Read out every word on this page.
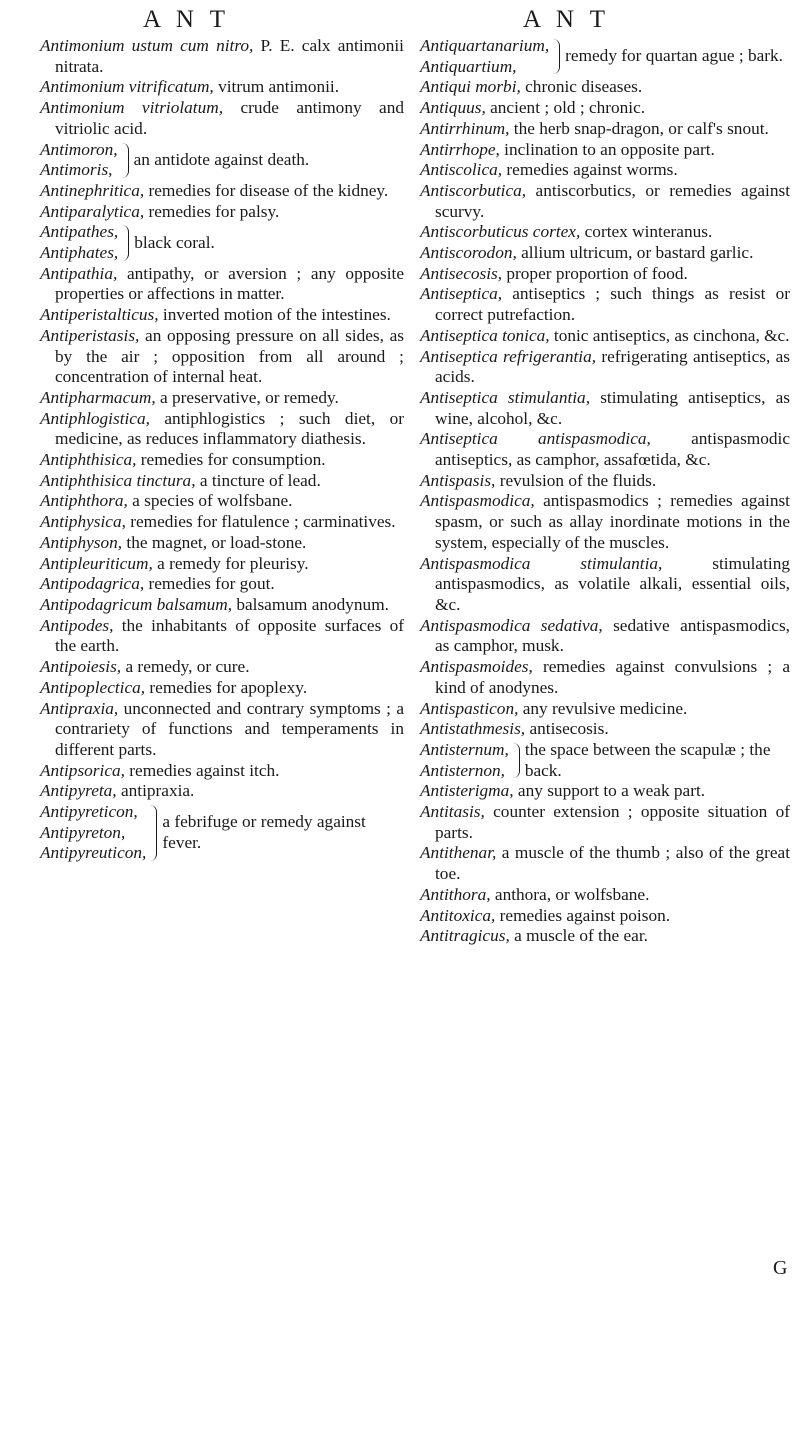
A N T	A N T
Antimonium ustum cum nitro, P. E. calx antimonii nitrata.
Antimonium vitrificatum, vitrum antimonii.
Antimonium vitriolatum, crude antimony and vitriolic acid.
Antimoron,
Antimoris,
an antidote against death.
Antinephritica, remedies for disease of the kidney.
Antiparalytica, remedies for palsy.
Antipathes,
Antiphates,
black coral.
Antipathia, antipathy, or aversion ; any opposite properties or affections in matter.
Antiperistalticus, inverted motion of the intestines.
Antiperistasis, an opposing pressure on all sides, as by the air ; opposition from all around ; concentration of internal heat.
Antipharmacum, a preservative, or remedy.
Antiphlogistica, antiphlogistics ; such diet, or medicine, as reduces inflammatory diathesis.
Antiphthisica, remedies for consumption.
Antiphthisica tinctura, a tincture of lead.
Antiphthora, a species of wolfsbane.
Antiphysica, remedies for flatulence ; carminatives.
Antiphyson, the magnet, or load-stone.
Antipleuriticum, a remedy for pleurisy.
Antipodagrica, remedies for gout.
Antipodagricum balsamum, balsamum anodynum.
Antipodes, the inhabitants of opposite surfaces of the earth.
Antipoiesis, a remedy, or cure.
Antipoplectica, remedies for apoplexy.
Antipraxia, unconnected and contrary symptoms ; a contrariety of functions and temperaments in different parts.
Antipsorica, remedies against itch.
Antipyreta, antipraxia.
Antipyreticon,
Antipyreton,
Antipyreuticon,
a febrifuge or remedy against fever.
Antiquartanarium,
Antiquartium,
remedy for quartan ague ; bark.
Antiqui morbi, chronic diseases.
Antiquus, ancient ; old ; chronic.
Antirrhinum, the herb snap-dragon, or calf's snout.
Antirrhope, inclination to an opposite part.
Antiscolica, remedies against worms.
Antiscorbutica, antiscorbutics, or remedies against scurvy.
Antiscorbuticus cortex, cortex winteranus.
Antiscorodon, allium ultricum, or bastard garlic.
Antisecosis, proper proportion of food.
Antiseptica, antiseptics ; such things as resist or correct putrefaction.
Antiseptica tonica, tonic antiseptics, as cinchona, &c.
Antiseptica refrigerantia, refrigerating antiseptics, as acids.
Antiseptica stimulantia, stimulating antiseptics, as wine, alcohol, &c.
Antiseptica antispasmodica, antispasmodic antiseptics, as camphor, assafœtida, &c.
Antispasis, revulsion of the fluids.
Antispasmodica, antispasmodics ; remedies against spasm, or such as allay inordinate motions in the system, especially of the muscles.
Antispasmodica stimulantia, stimulating antispasmodics, as volatile alkali, essential oils, &c.
Antispasmodica sedativa, sedative antispasmodics, as camphor, musk.
Antispasmoides, remedies against convulsions ; a kind of anodynes.
Antispasticon, any revulsive medicine.
Antistathmesis, antisecosis.
Antisternum,
Antisternon,
the space between the scapulæ ; the back.
Antisterigma, any support to a weak part.
Antitasis, counter extension ; opposite situation of parts.
Antithenar, a muscle of the thumb ; also of the great toe.
Antithora, anthora, or wolfsbane.
Antitoxica, remedies against poison.
Antitragicus, a muscle of the ear.
G
